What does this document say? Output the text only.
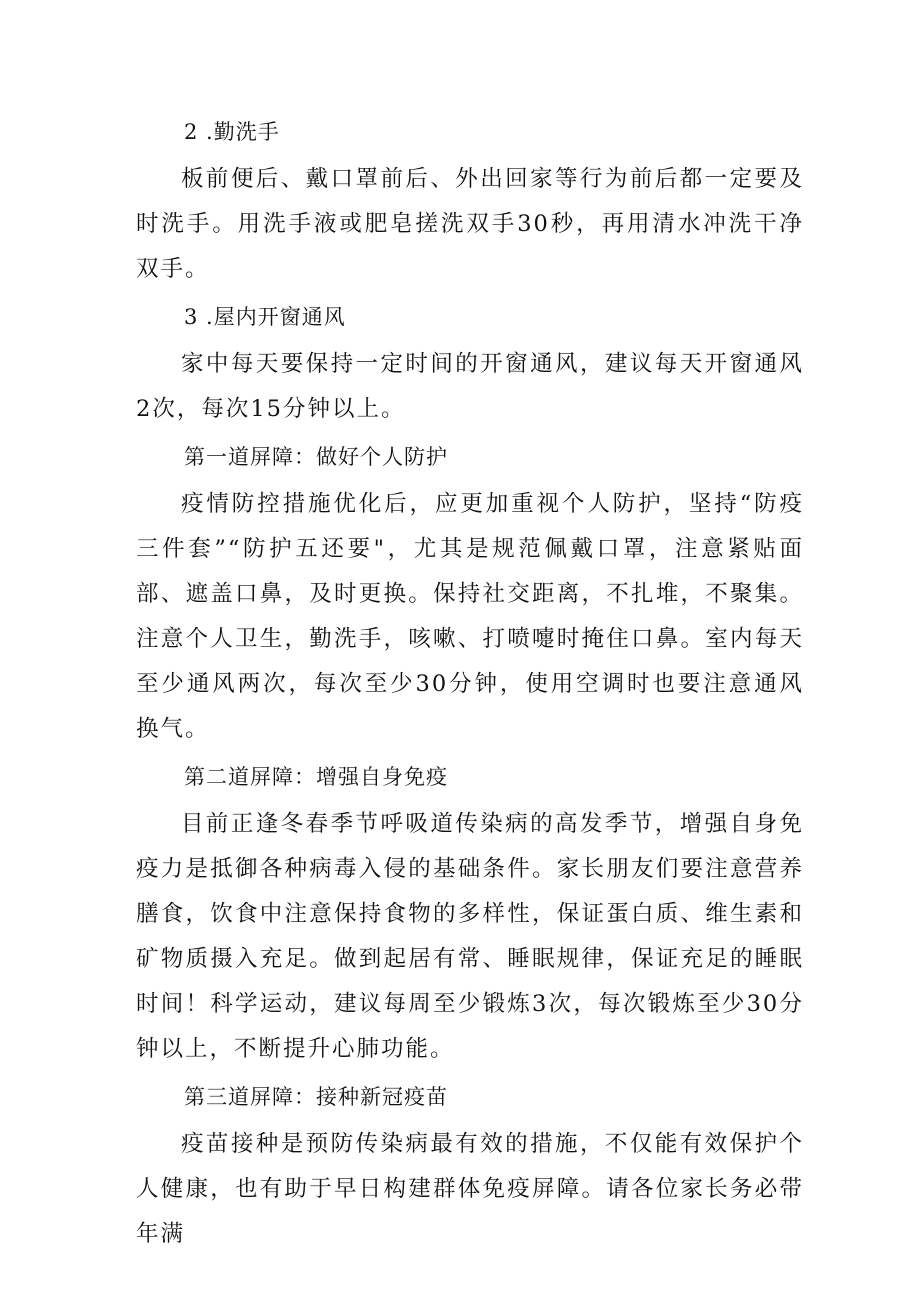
2 .勤洗手
板前便后、戴口罩前后、外出回家等行为前后都一定要及时洗手。用洗手液或肥皂搓洗双手30秒，再用清水冲洗干净双手。
3 .屋内开窗通风
家中每天要保持一定时间的开窗通风，建议每天开窗通风2次，每次15分钟以上。
第一道屏障：做好个人防护
疫情防控措施优化后，应更加重视个人防护，坚持“防疫三件套”“防护五还要"，尤其是规范佩戴口罩，注意紧贴面部、遮盖口鼻，及时更换。保持社交距离，不扎堆，不聚集。注意个人卫生，勤洗手，咳嗽、打喷嚏时掩住口鼻。室内每天至少通风两次，每次至少30分钟，使用空调时也要注意通风换气。
第二道屏障：增强自身免疫
目前正逢冬春季节呼吸道传染病的高发季节，增强自身免疫力是抵御各种病毒入侵的基础条件。家长朋友们要注意营养膳食，饮食中注意保持食物的多样性，保证蛋白质、维生素和矿物质摄入充足。做到起居有常、睡眠规律，保证充足的睡眠时间！科学运动，建议每周至少锻炼3次，每次锻炼至少30分钟以上，不断提升心肺功能。
第三道屏障：接种新冠疫苗
疫苗接种是预防传染病最有效的措施，不仅能有效保护个人健康，也有助于早日构建群体免疫屏障。请各位家长务必带年满
